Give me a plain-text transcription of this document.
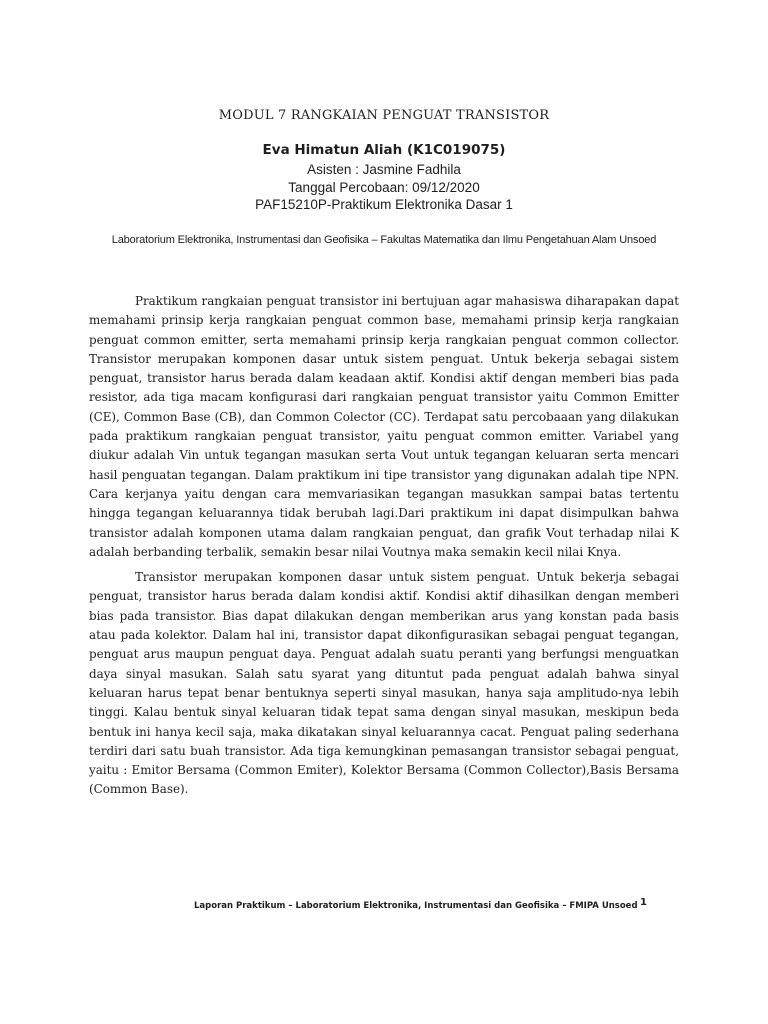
MODUL 7 RANGKAIAN PENGUAT TRANSISTOR
Eva Himatun Aliah (K1C019075)
Asisten : Jasmine Fadhila
Tanggal Percobaan: 09/12/2020
PAF15210P-Praktikum Elektronika Dasar 1
Laboratorium Elektronika, Instrumentasi dan Geofisika – Fakultas Matematika dan Ilmu Pengetahuan Alam Unsoed

Praktikum rangkaian penguat transistor ini bertujuan agar mahasiswa diharapakan dapat memahami prinsip kerja rangkaian penguat common base, memahami prinsip kerja rangkaian penguat common emitter, serta memahami prinsip kerja rangkaian penguat common collector. Transistor merupakan komponen dasar untuk sistem penguat. Untuk bekerja sebagai sistem penguat, transistor harus berada dalam keadaan aktif. Kondisi aktif dengan memberi bias pada resistor, ada tiga macam konfigurasi dari rangkaian penguat transistor yaitu Common Emitter (CE), Common Base (CB), dan Common Colector (CC). Terdapat satu percobaaan yang dilakukan pada praktikum rangkaian penguat transistor, yaitu penguat common emitter. Variabel yang diukur adalah Vin untuk tegangan masukan serta Vout untuk tegangan keluaran serta mencari hasil penguatan tegangan. Dalam praktikum ini tipe transistor yang digunakan adalah tipe NPN. Cara kerjanya yaitu dengan cara memvariasikan tegangan masukkan sampai batas tertentu hingga tegangan keluarannya tidak berubah lagi.Dari praktikum ini dapat disimpulkan bahwa transistor adalah komponen utama dalam rangkaian penguat, dan grafik Vout terhadap nilai K adalah berbanding terbalik, semakin besar nilai Voutnya maka semakin kecil nilai Knya.

Transistor merupakan komponen dasar untuk sistem penguat. Untuk bekerja sebagai penguat, transistor harus berada dalam kondisi aktif. Kondisi aktif dihasilkan dengan memberi bias pada transistor. Bias dapat dilakukan dengan memberikan arus yang konstan pada basis atau pada kolektor. Dalam hal ini, transistor dapat dikonfigurasikan sebagai penguat tegangan, penguat arus maupun penguat daya. Penguat adalah suatu peranti yang berfungsi menguatkan daya sinyal masukan. Salah satu syarat yang dituntut pada penguat adalah bahwa sinyal keluaran harus tepat benar bentuknya seperti sinyal masukan, hanya saja amplitudo-nya lebih tinggi. Kalau bentuk sinyal keluaran tidak tepat sama dengan sinyal masukan, meskipun beda bentuk ini hanya kecil saja, maka dikatakan sinyal keluarannya cacat. Penguat paling sederhana terdiri dari satu buah transistor. Ada tiga kemungkinan pemasangan transistor sebagai penguat, yaitu : Emitor Bersama (Common Emiter), Kolektor Bersama (Common Collector),Basis Bersama (Common Base).

Laporan Praktikum – Laboratorium Elektronika, Instrumentasi dan Geofisika – FMIPA Unsoed 1
